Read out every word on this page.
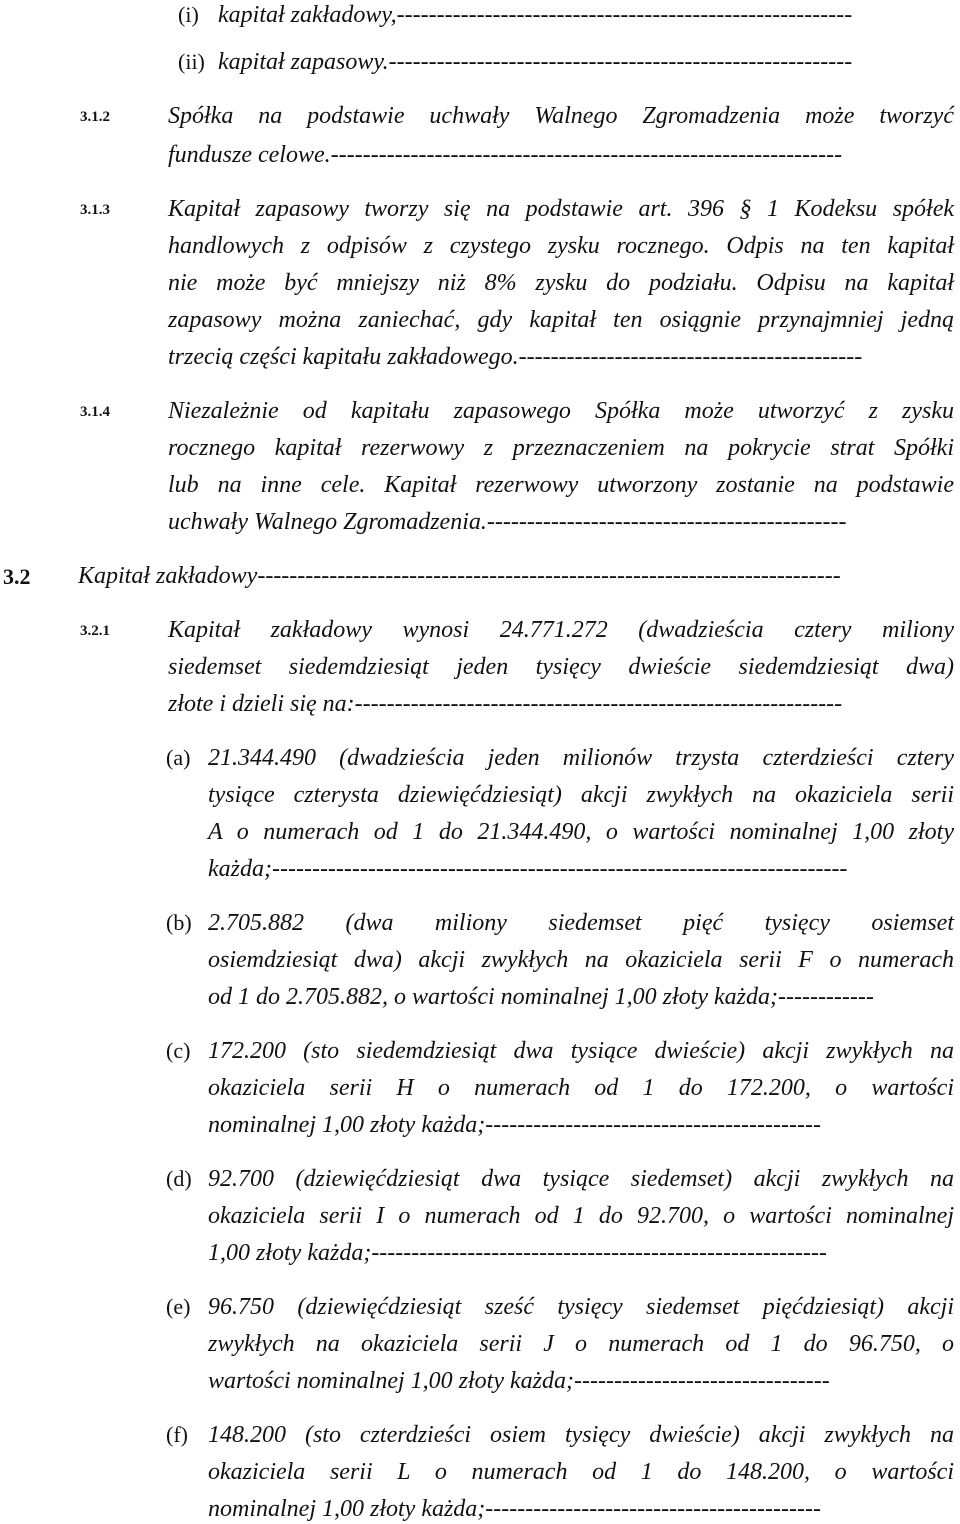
(i) kapitał zakładowy,---------------------------------------------------------
(ii) kapitał zapasowy.----------------------------------------------------------
3.1.2 Spółka na podstawie uchwały Walnego Zgromadzenia może tworzyć
fundusze celowe.----------------------------------------------------------------
3.1.3 Kapitał zapasowy tworzy się na podstawie art. 396 § 1 Kodeksu spółek
handlowych z odpisów z czystego zysku rocznego. Odpis na ten kapitał
nie może być mniejszy niż 8% zysku do podziału. Odpisu na kapitał
zapasowy można zaniechać, gdy kapitał ten osiągnie przynajmniej jedną
trzecią części kapitału zakładowego.-------------------------------------------
3.1.4 Niezależnie od kapitału zapasowego Spółka może utworzyć z zysku
rocznego kapitał rezerwowy z przeznaczeniem na pokrycie strat Spółki
lub na inne cele. Kapitał rezerwowy utworzony zostanie na podstawie
uchwały Walnego Zgromadzenia.---------------------------------------------
3.2 Kapitał zakładowy-------------------------------------------------------------------------
3.2.1 Kapitał zakładowy wynosi 24.771.272 (dwadzieścia cztery miliony
siedemset siedemdziesiąt jeden tysięcy dwieście siedemdziesiąt dwa)
złote i dzieli się na:-------------------------------------------------------------
(a) 21.344.490 (dwadzieścia jeden milionów trzysta czterdzieści cztery
tysiące czterysta dziewięćdziesiąt) akcji zwykłych na okaziciela serii
A o numerach od 1 do 21.344.490, o wartości nominalnej 1,00 złoty
każda;------------------------------------------------------------------------
(b) 2.705.882 (dwa miliony siedemset pięć tysięcy osiemset
osiemdziesiąt dwa) akcji zwykłych na okaziciela serii F o numerach
od 1 do 2.705.882, o wartości nominalnej 1,00 złoty każda;------------
(c) 172.200 (sto siedemdziesiąt dwa tysiące dwieście) akcji zwykłych na
okaziciela serii H o numerach od 1 do 172.200, o wartości
nominalnej 1,00 złoty każda;------------------------------------------
(d) 92.700 (dziewięćdziesiąt dwa tysiące siedemset) akcji zwykłych na
okaziciela serii I o numerach od 1 do 92.700, o wartości nominalnej
1,00 złoty każda;---------------------------------------------------------
(e) 96.750 (dziewięćdziesiąt sześć tysięcy siedemset pięćdziesiąt) akcji
zwykłych na okaziciela serii J o numerach od 1 do 96.750, o
wartości nominalnej 1,00 złoty każda;--------------------------------
(f) 148.200 (sto czterdzieści osiem tysięcy dwieście) akcji zwykłych na
okaziciela serii L o numerach od 1 do 148.200, o wartości
nominalnej 1,00 złoty każda;------------------------------------------
